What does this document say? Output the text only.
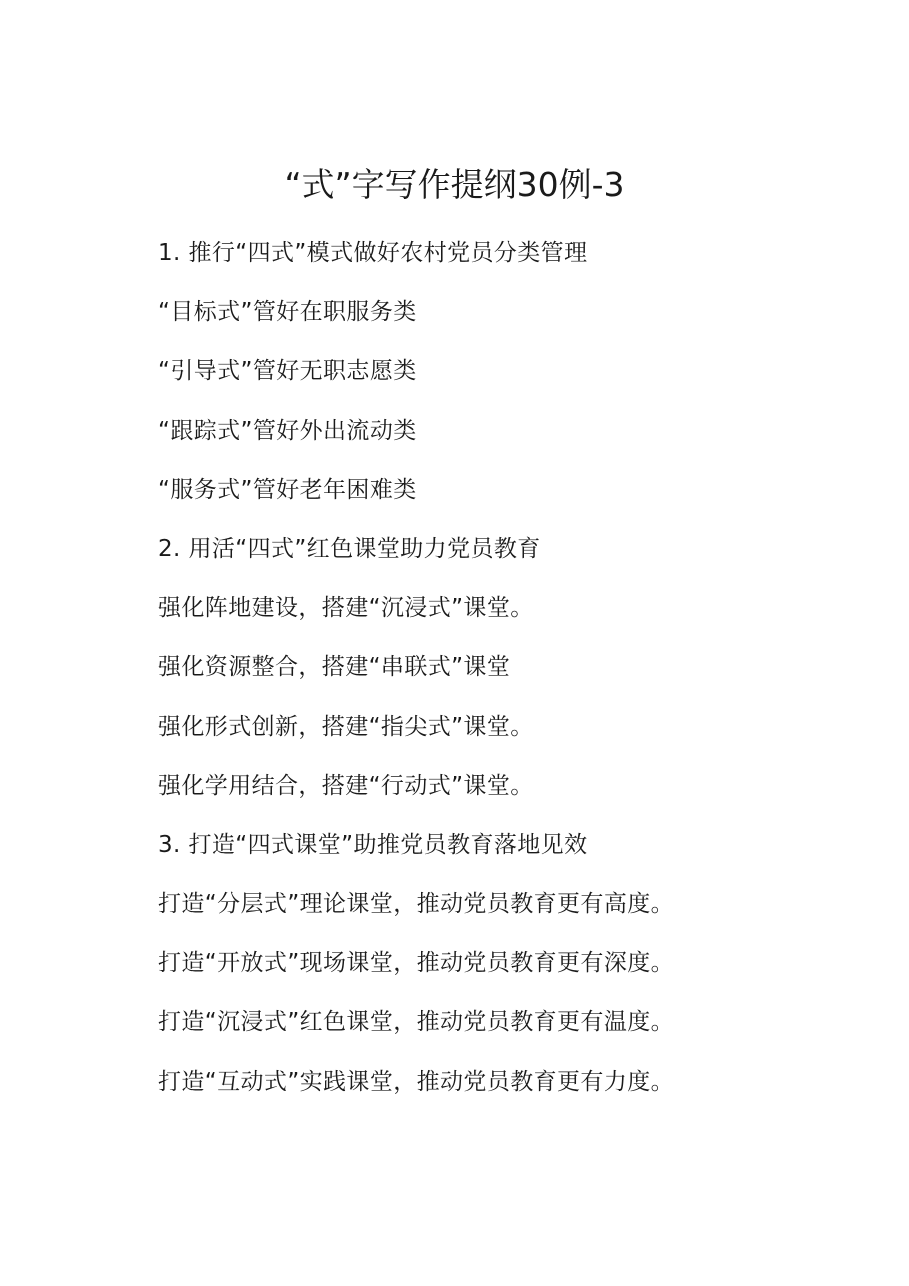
“式”字写作提纲30例-3
1. 推行“四式”模式做好农村党员分类管理
“目标式”管好在职服务类
“引导式”管好无职志愿类
“跟踪式”管好外出流动类
“服务式”管好老年困难类
2. 用活“四式”红色课堂助力党员教育
强化阵地建设，搭建“沉浸式”课堂。
强化资源整合，搭建“串联式”课堂
强化形式创新，搭建“指尖式”课堂。
强化学用结合，搭建“行动式”课堂。
3. 打造“四式课堂”助推党员教育落地见效
打造“分层式”理论课堂，推动党员教育更有高度。
打造“开放式”现场课堂，推动党员教育更有深度。
打造“沉浸式”红色课堂，推动党员教育更有温度。
打造“互动式”实践课堂，推动党员教育更有力度。
